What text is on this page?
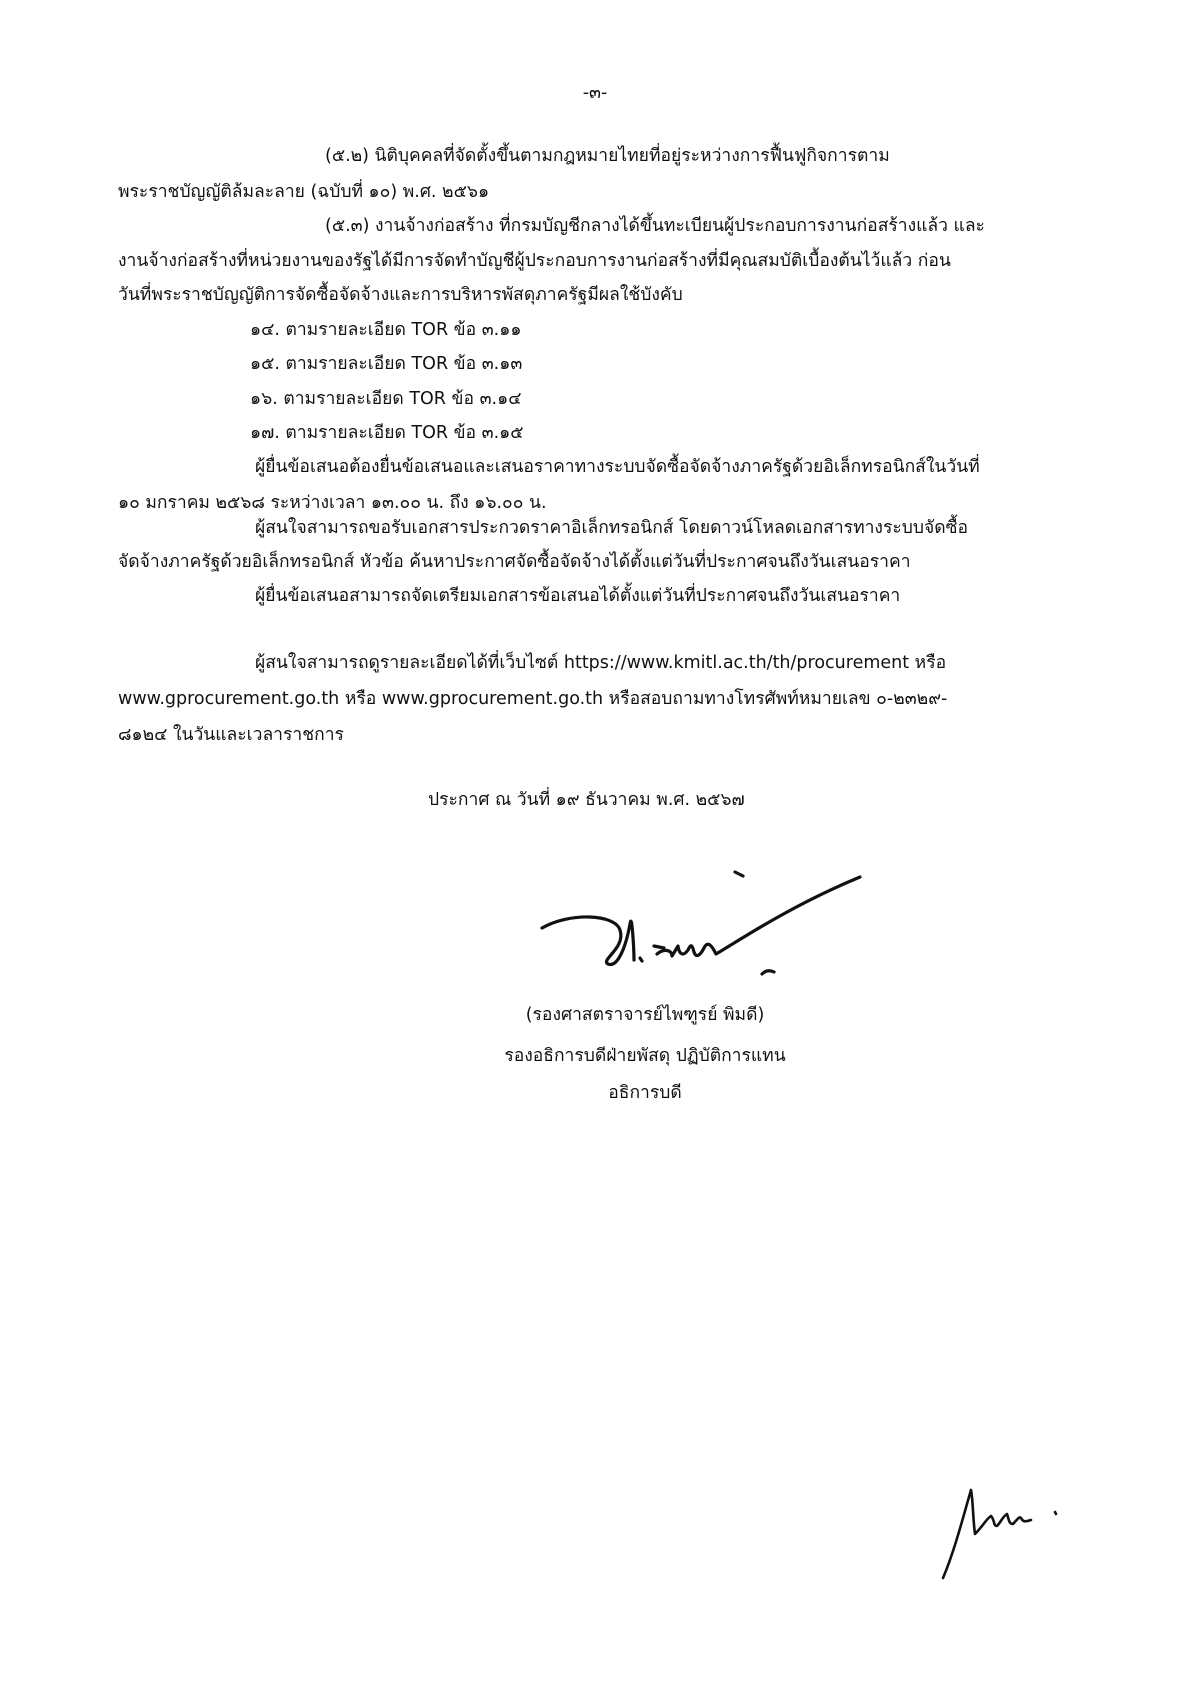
-๓-
(๕.๒) นิติบุคคลที่จัดตั้งขึ้นตามกฎหมายไทยที่อยู่ระหว่างการฟื้นฟูกิจการตาม
พระราชบัญญัติล้มละลาย (ฉบับที่ ๑๐) พ.ศ. ๒๕๖๑
(๕.๓) งานจ้างก่อสร้าง ที่กรมบัญชีกลางได้ขึ้นทะเบียนผู้ประกอบการงานก่อสร้างแล้ว และ
งานจ้างก่อสร้างที่หน่วยงานของรัฐได้มีการจัดทำบัญชีผู้ประกอบการงานก่อสร้างที่มีคุณสมบัติเบื้องต้นไว้แล้ว ก่อน
วันที่พระราชบัญญัติการจัดซื้อจัดจ้างและการบริหารพัสดุภาครัฐมีผลใช้บังคับ
๑๔. ตามรายละเอียด TOR ข้อ ๓.๑๑
๑๕. ตามรายละเอียด TOR ข้อ ๓.๑๓
๑๖. ตามรายละเอียด TOR ข้อ ๓.๑๔
๑๗. ตามรายละเอียด TOR ข้อ ๓.๑๕
ผู้ยื่นข้อเสนอต้องยื่นข้อเสนอและเสนอราคาทางระบบจัดซื้อจัดจ้างภาครัฐด้วยอิเล็กทรอนิกส์ในวันที่
๑๐ มกราคม ๒๕๖๘ ระหว่างเวลา ๑๓.๐๐ น. ถึง ๑๖.๐๐ น.
ผู้สนใจสามารถขอรับเอกสารประกวดราคาอิเล็กทรอนิกส์ โดยดาวน์โหลดเอกสารทางระบบจัดซื้อ
จัดจ้างภาครัฐด้วยอิเล็กทรอนิกส์ หัวข้อ ค้นหาประกาศจัดซื้อจัดจ้างได้ตั้งแต่วันที่ประกาศจนถึงวันเสนอราคา
ผู้ยื่นข้อเสนอสามารถจัดเตรียมเอกสารข้อเสนอได้ตั้งแต่วันที่ประกาศจนถึงวันเสนอราคา
ผู้สนใจสามารถดูรายละเอียดได้ที่เว็บไซต์ https://www.kmitl.ac.th/th/procurement หรือ
www.gprocurement.go.th หรือ www.gprocurement.go.th หรือสอบถามทางโทรศัพท์หมายเลข ๐-๒๓๒๙-
๘๑๒๔ ในวันและเวลาราชการ
ประกาศ ณ วันที่ ๑๙ ธันวาคม พ.ศ. ๒๕๖๗
(รองศาสตราจารย์ไพฑูรย์ พิมดี)
รองอธิการบดีฝ่ายพัสดุ ปฏิบัติการแทน
อธิการบดี
